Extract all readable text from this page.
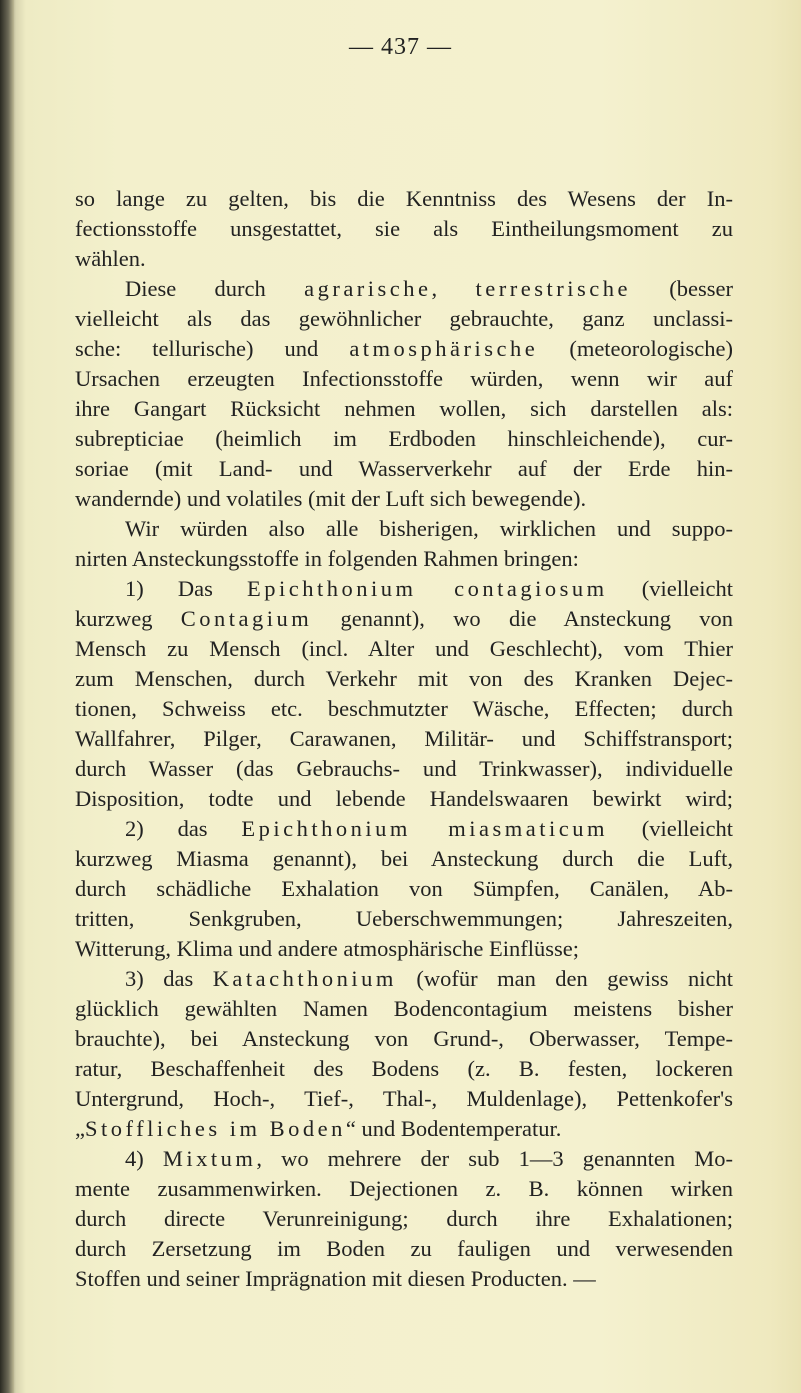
— 437 —
so lange zu gelten, bis die Kenntniss des Wesens der In-
fectionsstoffe unsgestattet, sie als Eintheilungsmoment zu
wählen.
Diese durch agrarische, terrestrische (besser
vielleicht als das gewöhnlicher gebrauchte, ganz unclassi-
sche: tellurische) und atmosphärische (meteorologische)
Ursachen erzeugten Infectionsstoffe würden, wenn wir auf
ihre Gangart Rücksicht nehmen wollen, sich darstellen als:
subrepticiae (heimlich im Erdboden hinschleichende), cur-
soriae (mit Land- und Wasserverkehr auf der Erde hin-
wandernde) und volatiles (mit der Luft sich bewegende).
Wir würden also alle bisherigen, wirklichen und suppo-
nirten Ansteckungsstoffe in folgenden Rahmen bringen:
1) Das Epichthonium contagiosum (vielleicht
kurzweg Contagium genannt), wo die Ansteckung von
Mensch zu Mensch (incl. Alter und Geschlecht), vom Thier
zum Menschen, durch Verkehr mit von des Kranken Dejec-
tionen, Schweiss etc. beschmutzter Wäsche, Effecten; durch
Wallfahrer, Pilger, Carawanen, Militär- und Schiffstransport;
durch Wasser (das Gebrauchs- und Trinkwasser), individuelle
Disposition, todte und lebende Handelswaaren bewirkt wird;
2) das Epichthonium miasmaticum (vielleicht
kurzweg Miasma genannt), bei Ansteckung durch die Luft,
durch schädliche Exhalation von Sümpfen, Canälen, Ab-
tritten, Senkgruben, Ueberschwemmungen; Jahreszeiten,
Witterung, Klima und andere atmosphärische Einflüsse;
3) das Katachthonium (wofür man den gewiss nicht
glücklich gewählten Namen Bodencontagium meistens bisher
brauchte), bei Ansteckung von Grund-, Oberwasser, Tempe-
ratur, Beschaffenheit des Bodens (z. B. festen, lockeren
Untergrund, Hoch-, Tief-, Thal-, Muldenlage), Pettenkofer's
„Stoffliches im Boden“ und Bodentemperatur.
4) Mixtum, wo mehrere der sub 1—3 genannten Mo-
mente zusammenwirken. Dejectionen z. B. können wirken
durch directe Verunreinigung; durch ihre Exhalationen;
durch Zersetzung im Boden zu fauligen und verwesenden
Stoffen und seiner Imprägnation mit diesen Producten. —
